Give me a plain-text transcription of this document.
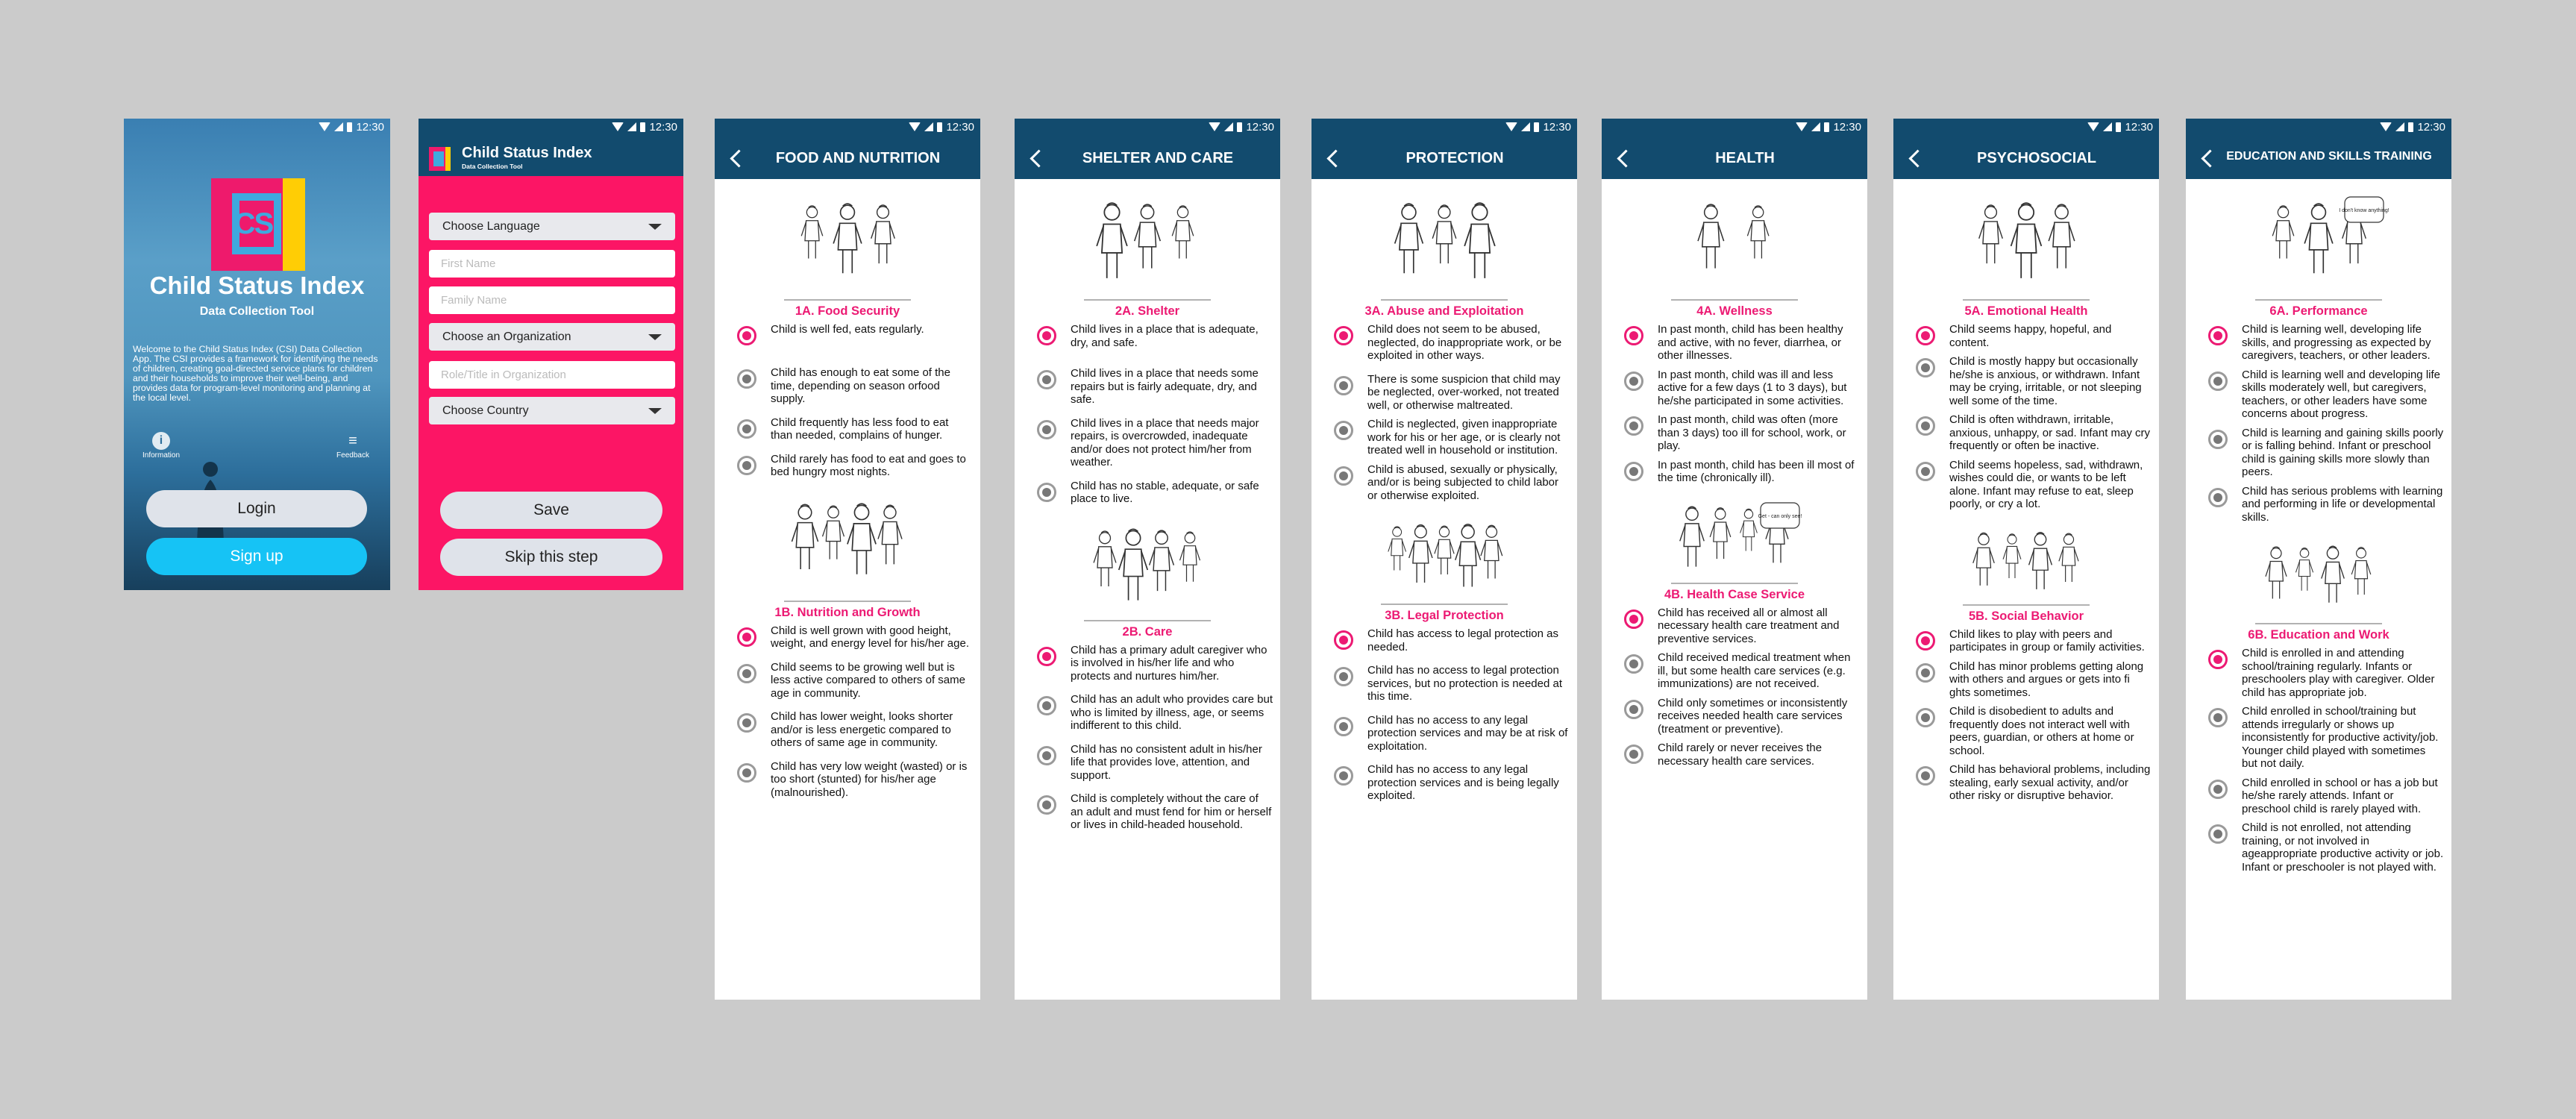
12:30
CSI
Child Status Index
Data Collection Tool
Welcome to the Child Status Index (CSI) Data Collection App. The CSI provides a framework for identifying the needs of children, creating goal-directed service plans for children and their households to improve their well-being, and provides data for program-level monitoring and planning at the local level.
i
Information
≡
Feedback
Login
Sign up
12:30
Child Status Index
Data Collection Tool
Choose Language
First Name
Family Name
Choose an Organization
Role/Title in Organization
Choose Country
Save
Skip this step
12:30
FOOD AND NUTRITION
1A. Food Security
Child is well fed, eats regularly.
Child has enough to eat some of the time, depending on season orfood supply.
Child frequently has less food to eat than needed, complains of hunger.
Child rarely has food to eat and goes to bed hungry most nights.
1B. Nutrition and Growth
Child is well grown with good height, weight, and energy level for his/her age.
Child seems to be growing well but is less active compared to others of same age in community.
Child has lower weight, looks shorter and/or is less energetic compared to others of same age in community.
Child has very low weight (wasted) or is too short (stunted) for his/her age (malnourished).
12:30
SHELTER AND CARE
2A. Shelter
Child lives in a place that is adequate, dry, and safe.
Child lives in a place that needs some repairs but is fairly adequate, dry, and safe.
Child lives in a place that needs major repairs, is overcrowded, inadequate and/or does not protect him/her from weather.
Child has no stable, adequate, or safe place to live.
2B. Care
Child has a primary adult caregiver who is involved in his/her life and who protects and nurtures him/her.
Child has an adult who provides care but who is limited by illness, age, or seems indifferent to this child.
Child has no consistent adult in his/her life that provides love, attention, and support.
Child is completely without the care of an adult and must fend for him or herself or lives in child-headed household.
12:30
PROTECTION
3A. Abuse and Exploitation
Child does not seem to be abused, neglected, do inappropriate work, or be exploited in other ways.
There is some suspicion that child may be neglected, over-worked, not treated well, or otherwise maltreated.
Child is neglected, given inappropriate work for his or her age, or is clearly not treated well in household or institution.
Child is abused, sexually or physically, and/or is being subjected to child labor or otherwise exploited.
3B. Legal Protection
Child has access to legal protection as needed.
Child has no access to legal protection services, but no protection is needed at this time.
Child has no access to any legal protection services and may be at risk of exploitation.
Child has no access to any legal protection services and is being legally exploited.
12:30
HEALTH
4A. Wellness
In past month, child has been healthy and active, with no fever, diarrhea, or other illnesses.
In past month, child was ill and less active for a few days (1 to 3 days), but he/she participated in some activities.
In past month, child was often (more than 3 days) too ill for school, work, or play.
In past month, child has been ill most of the time (chronically ill).
Get - can only see!
4B. Health Case Service
Child has received all or almost all necessary health care treatment and preventive services.
Child received medical treatment when ill, but some health care services (e.g. immunizations) are not received.
Child only sometimes or inconsistently receives needed health care services (treatment or preventive).
Child rarely or never receives the necessary health care services.
12:30
PSYCHOSOCIAL
5A. Emotional Health
Child seems happy, hopeful, and content.
Child is mostly happy but occasionally he/she is anxious, or withdrawn. Infant may be crying, irritable, or not sleeping well some of the time.
Child is often withdrawn, irritable, anxious, unhappy, or sad. Infant may cry frequently or often be inactive.
Child seems hopeless, sad, withdrawn, wishes could die, or wants to be left alone. Infant may refuse to eat, sleep poorly, or cry a lot.
5B. Social Behavior
Child likes to play with peers and participates in group or family activities.
Child has minor problems getting along with others and argues or gets into fi ghts sometimes.
Child is disobedient to adults and frequently does not interact well with peers, guardian, or others at home or school.
Child has behavioral problems, including stealing, early sexual activity, and/or other risky or disruptive behavior.
12:30
EDUCATION AND SKILLS TRAINING
I don't know anything!
6A. Performance
Child is learning well, developing life skills, and progressing as expected by caregivers, teachers, or other leaders.
Child is learning well and developing life skills moderately well, but caregivers, teachers, or other leaders have some concerns about progress.
Child is learning and gaining skills poorly or is falling behind. Infant or preschool child is gaining skills more slowly than peers.
Child has serious problems with learning and performing in life or developmental skills.
6B. Education and Work
Child is enrolled in and attending school/training regularly. Infants or preschoolers play with caregiver. Older child has appropriate job.
Child enrolled in school/training but attends irregularly or shows up inconsistently for productive activity/job. Younger child played with sometimes but not daily.
Child enrolled in school or has a job but he/she rarely attends. Infant or preschool child is rarely played with.
Child is not enrolled, not attending training, or not involved in ageappropriate productive activity or job. Infant or preschooler is not played with.
